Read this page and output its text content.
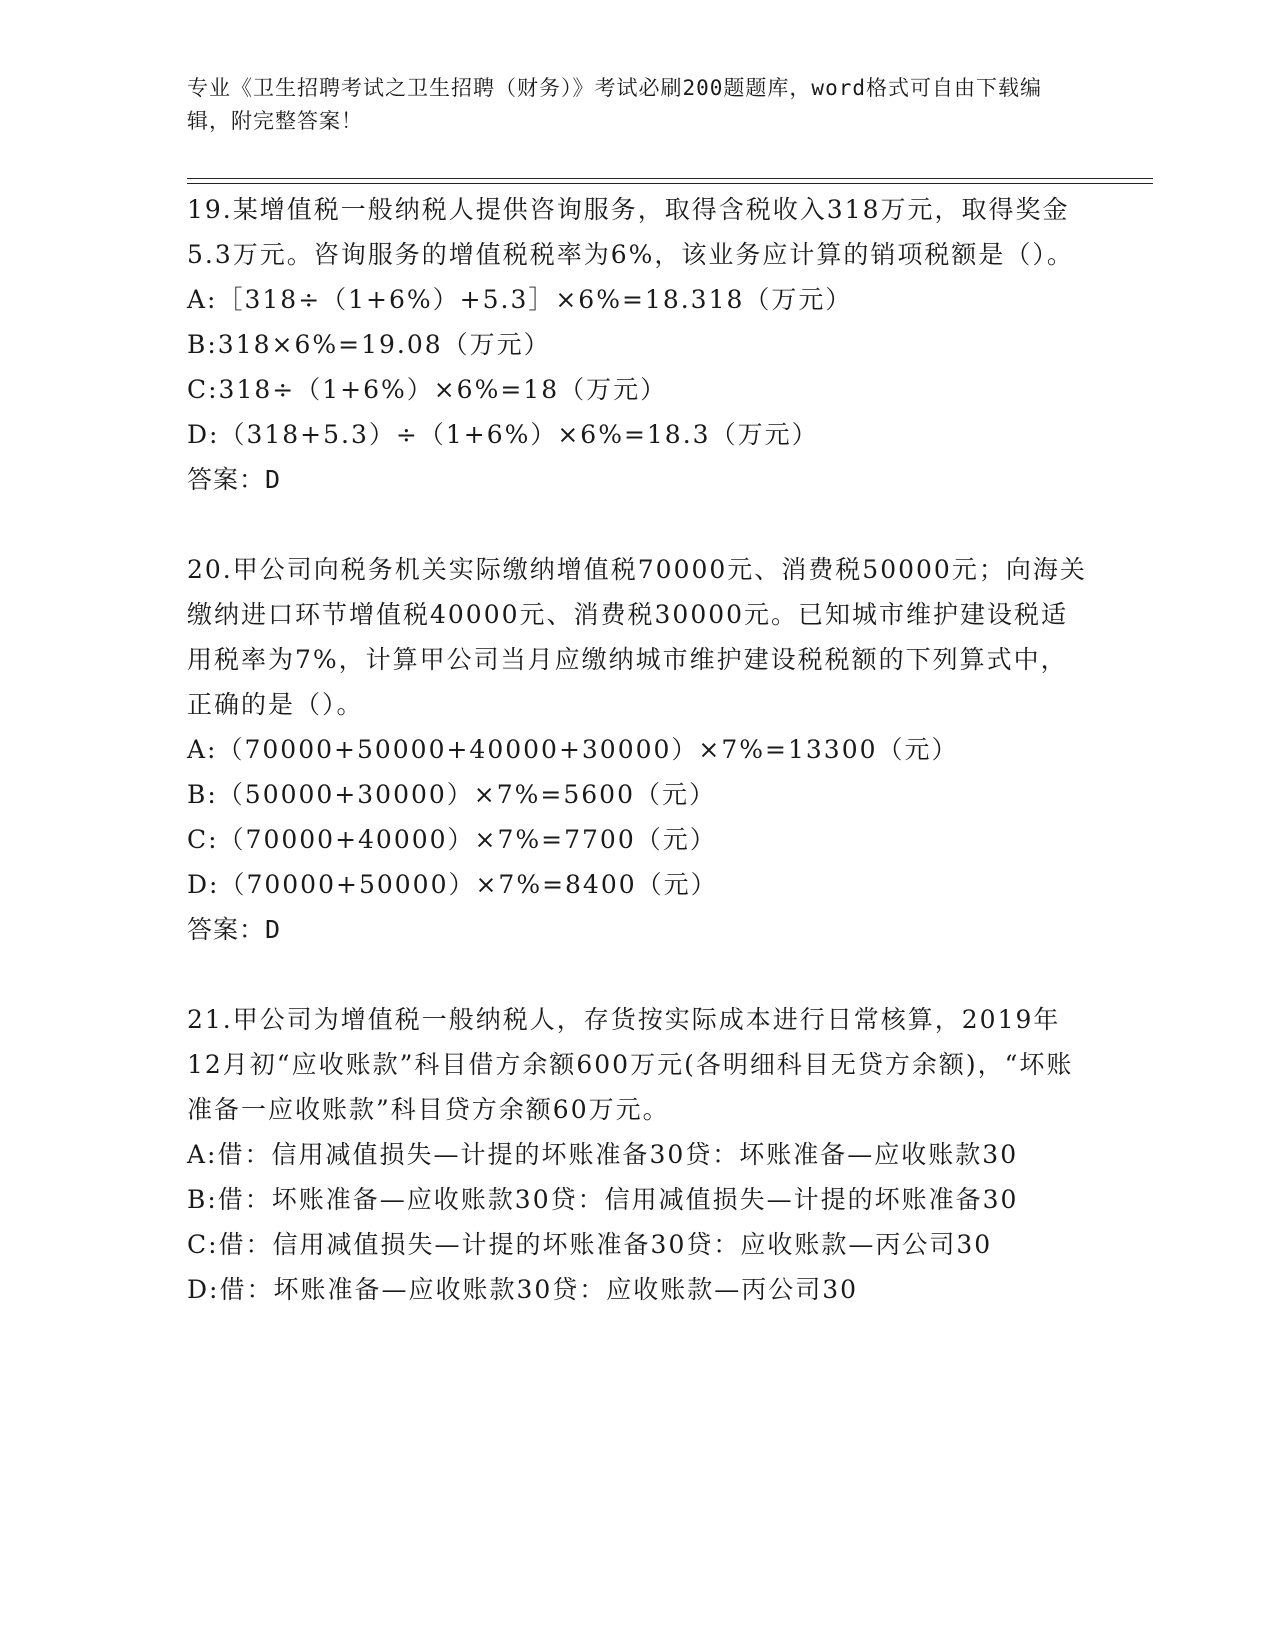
专业《卫生招聘考试之卫生招聘（财务）》考试必刷200题题库，word格式可自由下载编辑，附完整答案！

19.某增值税一般纳税人提供咨询服务，取得含税收入318万元，取得奖金5.3万元。咨询服务的增值税税率为6%，该业务应计算的销项税额是（）。

A:［318÷（1+6%）+5.3］×6%=18.318（万元）

B:318×6%=19.08（万元）

C:318÷（1+6%）×6%=18（万元）

D:（318+5.3）÷（1+6%）×6%=18.3（万元）

答案：D

20.甲公司向税务机关实际缴纳增值税70000元、消费税50000元；向海关缴纳进口环节增值税40000元、消费税30000元。已知城市维护建设税适用税率为7%，计算甲公司当月应缴纳城市维护建设税税额的下列算式中，正确的是（）。

A:（70000+50000+40000+30000）×7%=13300（元）

B:（50000+30000）×7%=5600（元）

C:（70000+40000）×7%=7700（元）

D:（70000+50000）×7%=8400（元）

答案：D

21.甲公司为增值税一般纳税人，存货按实际成本进行日常核算，2019年12月初“应收账款”科目借方余额600万元(各明细科目无贷方余额)，“坏账准备一应收账款”科目贷方余额60万元。

A:借：信用减值损失—计提的坏账准备30贷：坏账准备—应收账款30

B:借：坏账准备—应收账款30贷：信用减值损失—计提的坏账准备30

C:借：信用减值损失—计提的坏账准备30贷：应收账款—丙公司30

D:借：坏账准备—应收账款30贷：应收账款—丙公司30
